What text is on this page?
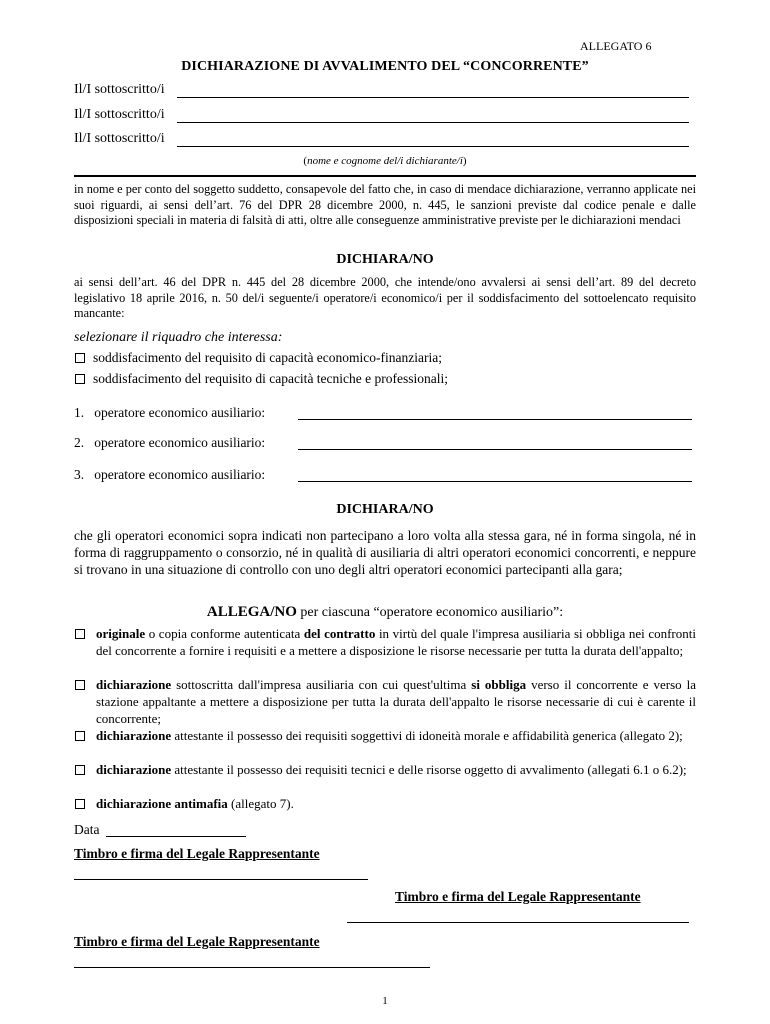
ALLEGATO 6
DICHIARAZIONE DI AVVALIMENTO DEL “CONCORRENTE”
Il/I sottoscritto/i
Il/I sottoscritto/i
Il/I sottoscritto/i
(nome e cognome del/i dichiarante/i)
in nome e per conto del soggetto suddetto, consapevole del fatto che, in caso di mendace dichiarazione, verranno applicate nei suoi riguardi, ai sensi dell’art. 76 del DPR 28 dicembre 2000, n. 445, le sanzioni previste dal codice penale e dalle disposizioni speciali in materia di falsità di atti, oltre alle conseguenze amministrative previste per le dichiarazioni mendaci
DICHIARA/NO
ai sensi dell’art. 46 del DPR n. 445 del 28 dicembre 2000, che intende/ono avvalersi ai sensi dell’art. 89 del decreto legislativo 18 aprile 2016, n. 50 del/i seguente/i operatore/i economico/i per il soddisfacimento del sottoelencato requisito mancante:
selezionare il riquadro che interessa:
soddisfacimento del requisito di capacità economico-finanziaria;
soddisfacimento del requisito di capacità tecniche e professionali;
1. operatore economico ausiliario:
2. operatore economico ausiliario:
3. operatore economico ausiliario:
DICHIARA/NO
che gli operatori economici sopra indicati non partecipano a loro volta alla stessa gara, né in forma singola, né in forma di raggruppamento o consorzio, né in qualità di ausiliaria di altri operatori economici concorrenti, e neppure si trovano in una situazione di controllo con uno degli altri operatori economici partecipanti alla gara;
ALLEGA/NO per ciascuna “operatore economico ausiliario”:
originale o copia conforme autenticata del contratto in virtù del quale l'impresa ausiliaria si obbliga nei confronti del concorrente a fornire i requisiti e a mettere a disposizione le risorse necessarie per tutta la durata dell'appalto;
dichiarazione sottoscritta dall'impresa ausiliaria con cui quest'ultima si obbliga verso il concorrente e verso la stazione appaltante a mettere a disposizione per tutta la durata dell'appalto le risorse necessarie di cui è carente il concorrente;
dichiarazione attestante il possesso dei requisiti soggettivi di idoneità morale e affidabilità generica (allegato 2);
dichiarazione attestante il possesso dei requisiti tecnici e delle risorse oggetto di avvalimento (allegati 6.1 o 6.2);
dichiarazione antimafia (allegato 7).
Data
Timbro e firma del Legale Rappresentante
Timbro e firma del Legale Rappresentante
Timbro e firma del Legale Rappresentante
1
